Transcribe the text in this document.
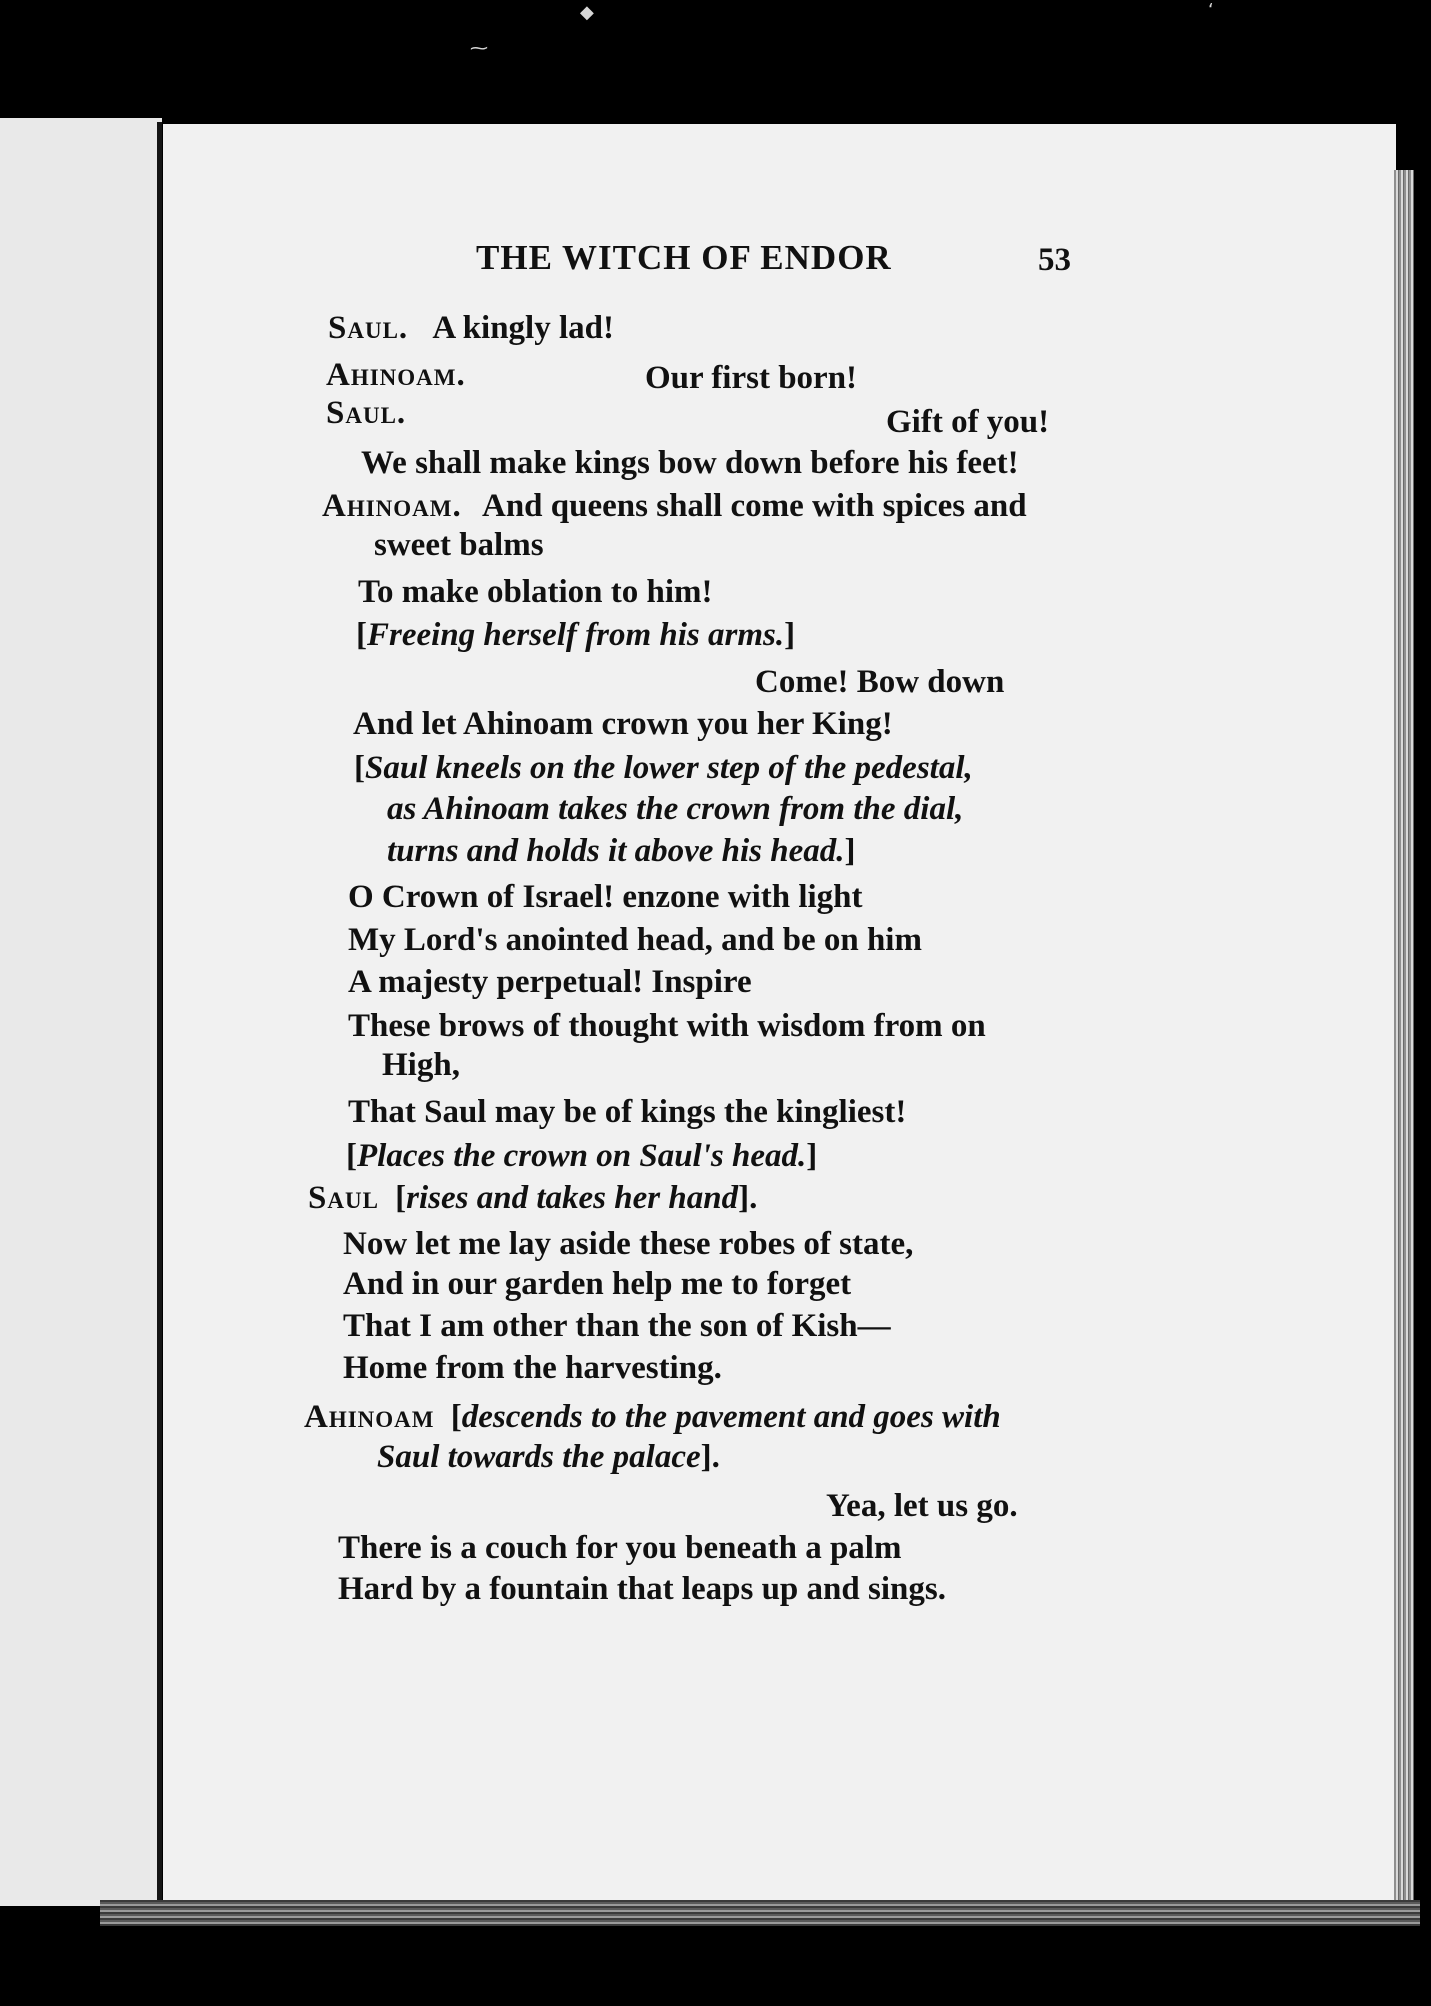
◆
⁓
‘
THE WITCH OF ENDOR	53
Saul. A kingly lad!
Ahinoam.	Our first born!
Saul.	Gift of you!
We shall make kings bow down before his feet!
Ahinoam. And queens shall come with spices and
sweet balms
To make oblation to him!
[Freeing herself from his arms.]
Come! Bow down
And let Ahinoam crown you her King!
[Saul kneels on the lower step of the pedestal,
as Ahinoam takes the crown from the dial,
turns and holds it above his head.]
O Crown of Israel! enzone with light
My Lord's anointed head, and be on him
A majesty perpetual! Inspire
These brows of thought with wisdom from on
High,
That Saul may be of kings the kingliest!
[Places the crown on Saul's head.]
Saul [rises and takes her hand].
Now let me lay aside these robes of state,
And in our garden help me to forget
That I am other than the son of Kish—
Home from the harvesting.
Ahinoam [descends to the pavement and goes with
Saul towards the palace].
Yea, let us go.
There is a couch for you beneath a palm
Hard by a fountain that leaps up and sings.
